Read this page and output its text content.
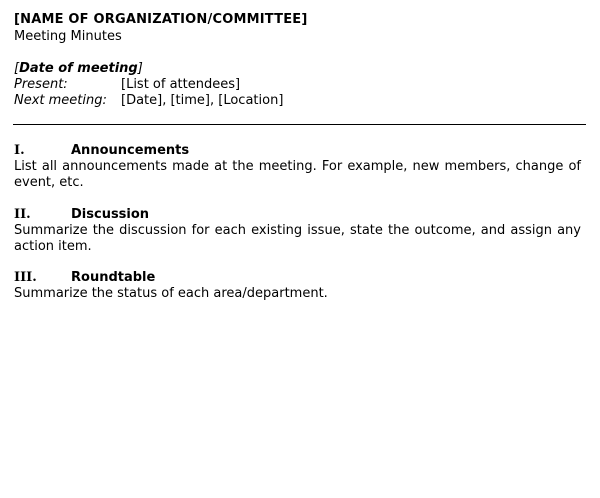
[NAME OF ORGANIZATION/COMMITTEE]
Meeting Minutes
[Date of meeting]
Present:	[List of attendees]
Next meeting: [Date], [time], [Location]
I.	Announcements
List all announcements made at the meeting. For example, new members, change of event, etc.
II.	Discussion
Summarize the discussion for each existing issue, state the outcome, and assign any action item.
III.	Roundtable
Summarize the status of each area/department.
